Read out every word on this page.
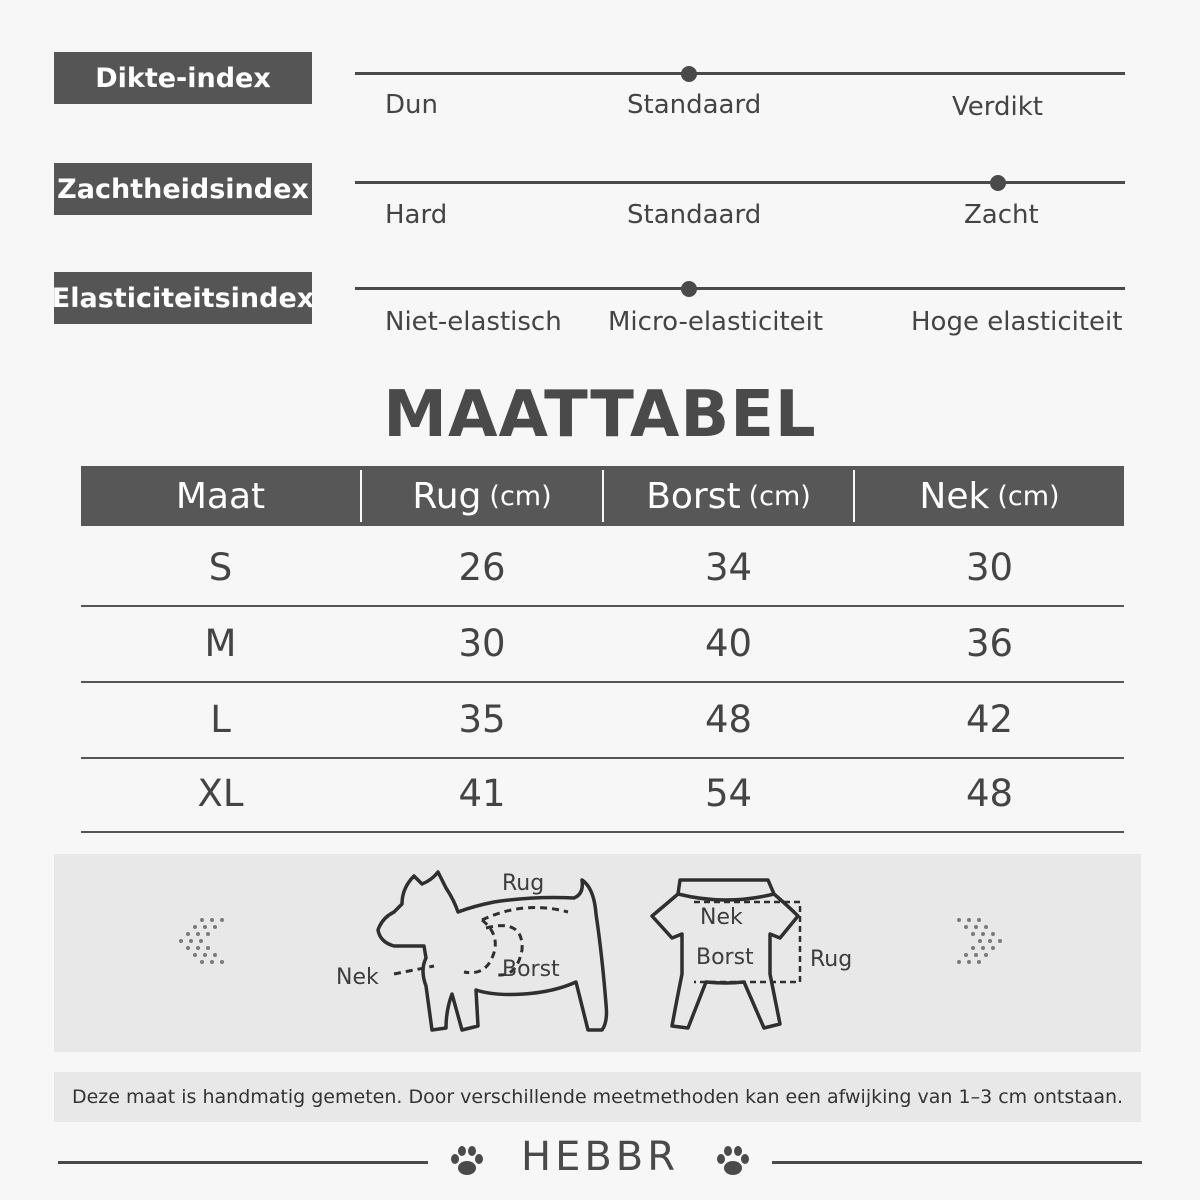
Dikte-index
Dun	Standaard	Verdikt
Zachtheidsindex
Hard	Standaard	Zacht
Elasticiteitsindex
Niet-elastisch Micro-elasticiteit	Hoge elasticiteit
MAATTABEL
Maat	Rug (cm)	Borst (cm)	Nek (cm)
S	26	34	30
M	30	40	36
L	35	48	42
XL	41	54	48
Rug
Nek	Borst
Nek
Borst	Rug
Deze maat is handmatig gemeten. Door verschillende meetmethoden kan een afwijking van 1–3 cm ontstaan.
HEBBR
